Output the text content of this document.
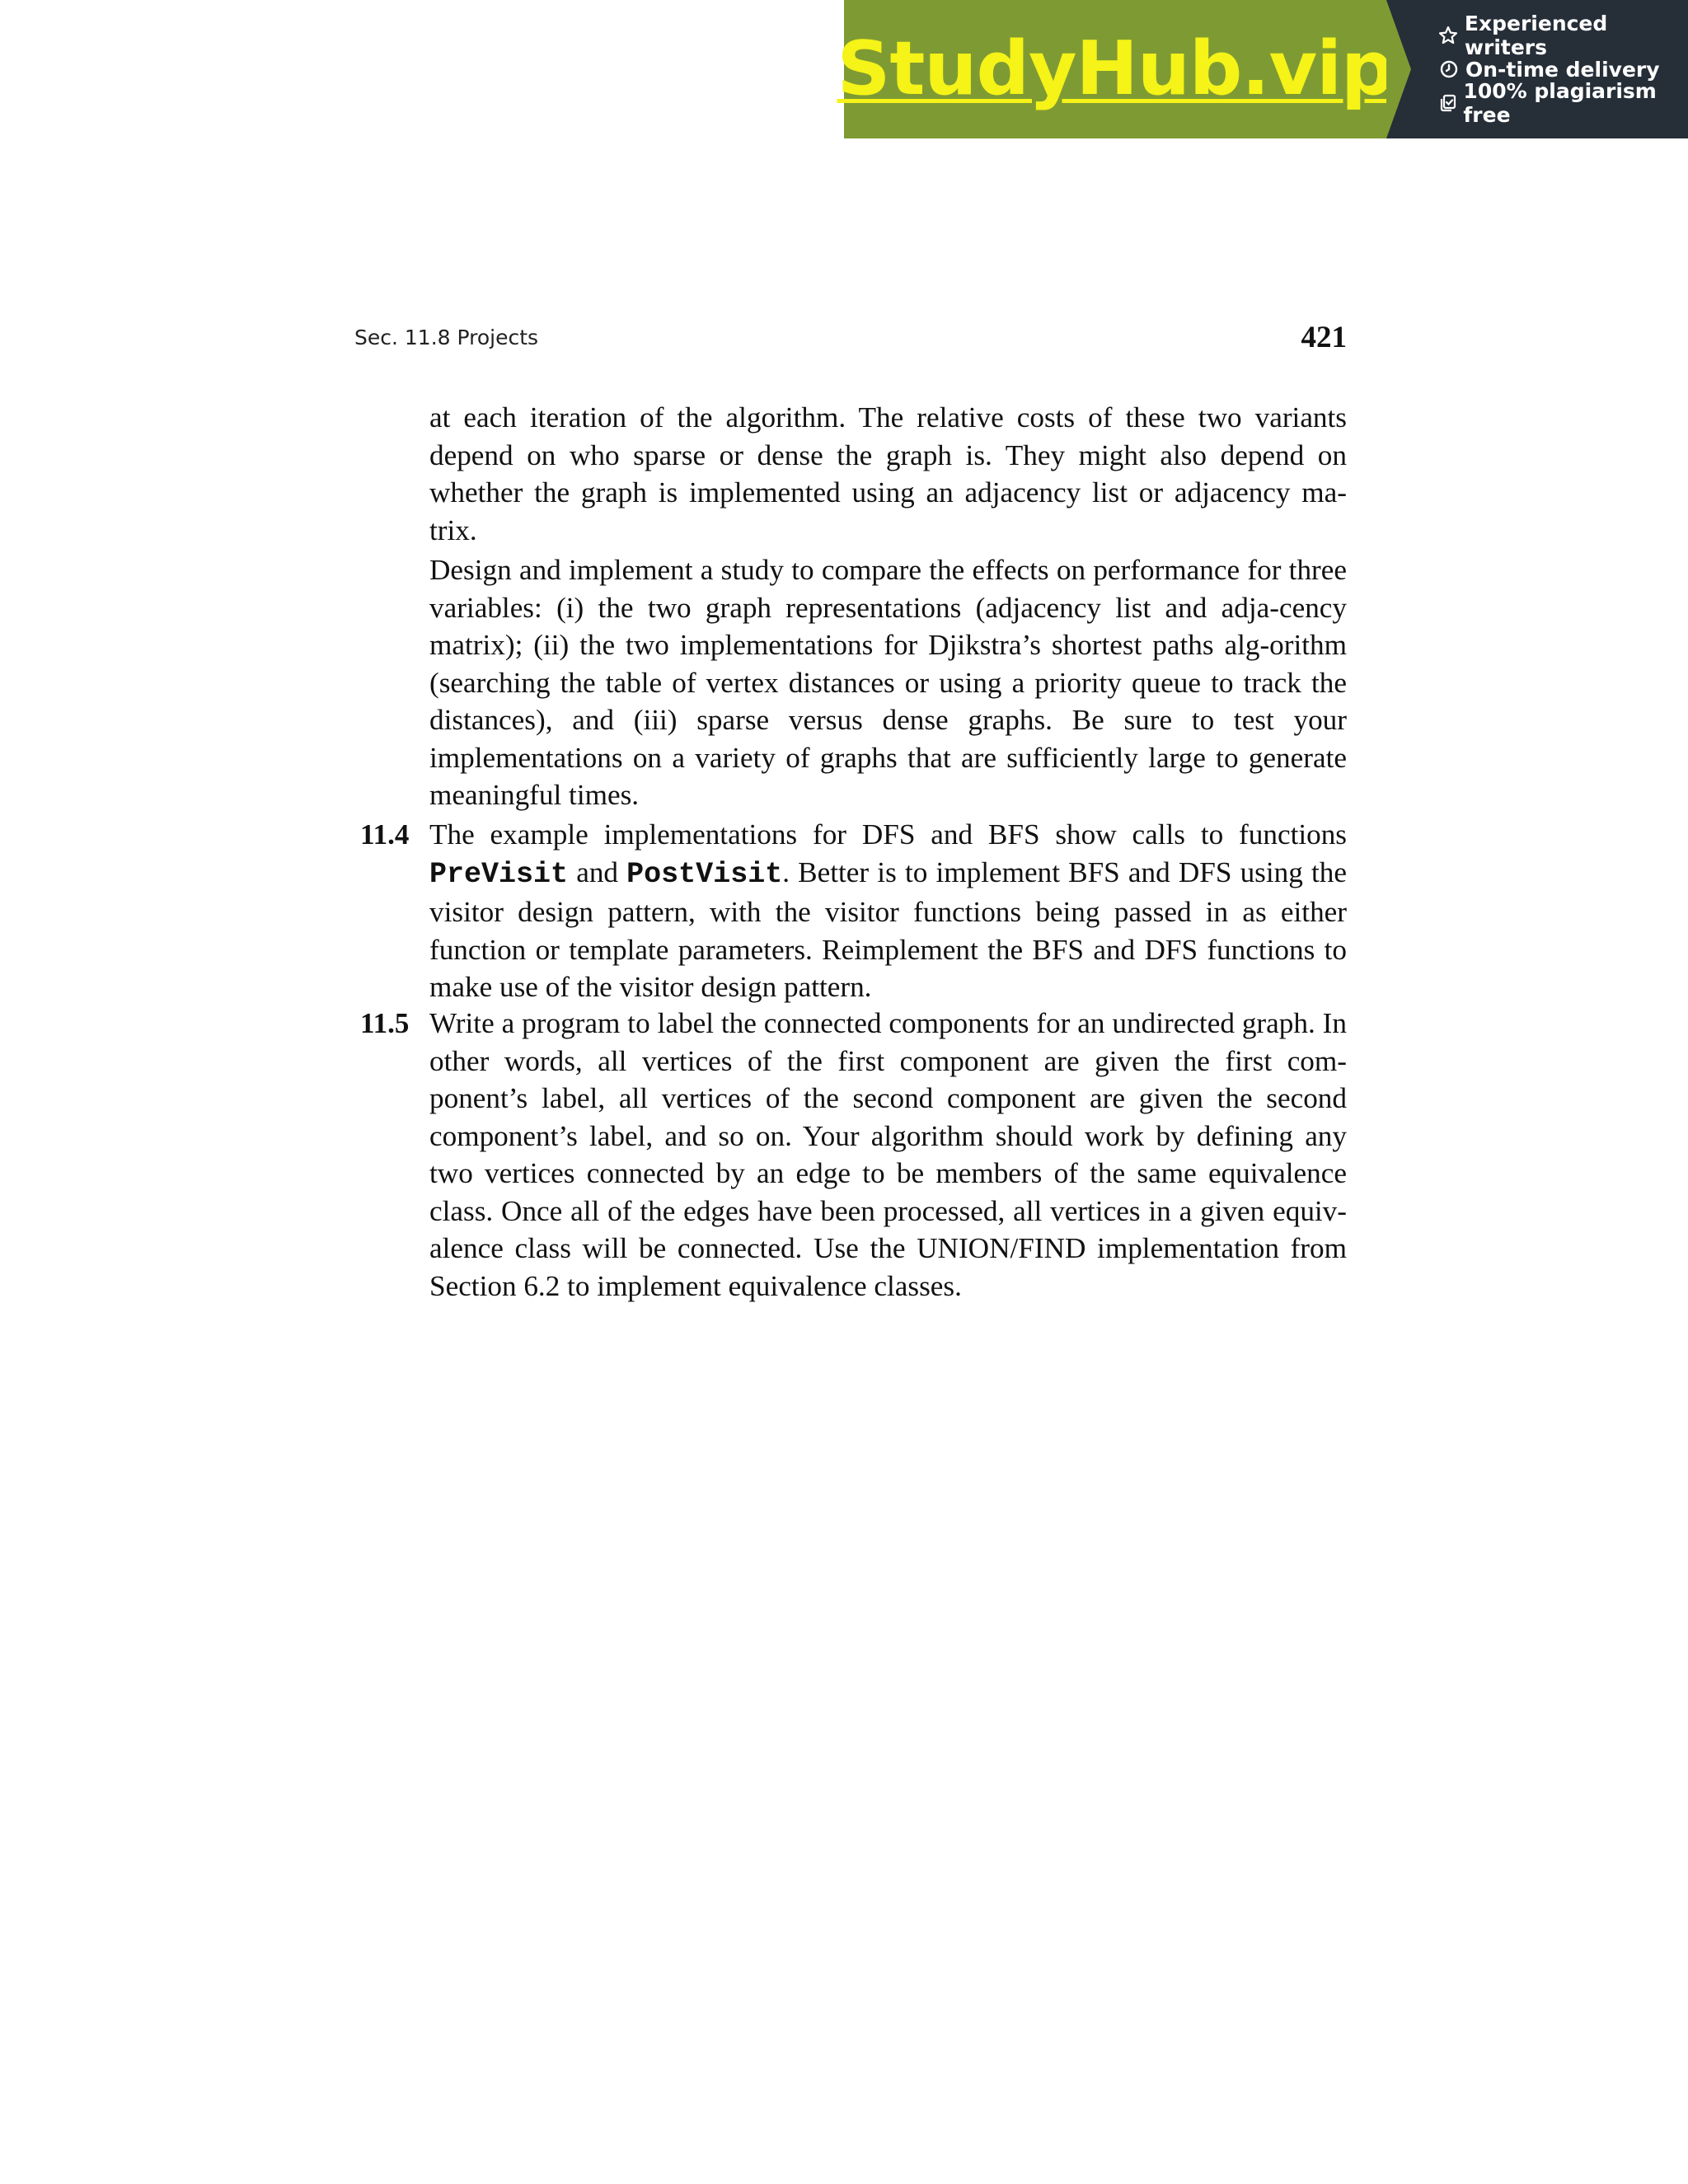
StudyHub.vip
Experienced writers
On-time delivery
100% plagiarism free
Sec. 11.8 Projects	421

at each iteration of the algorithm. The relative costs of these two variants depend on who sparse or dense the graph is. They might also depend on whether the graph is implemented using an adjacency list or adjacency ma-trix.

Design and implement a study to compare the effects on performance for three variables: (i) the two graph representations (adjacency list and adja-cency matrix); (ii) the two implementations for Djikstra’s shortest paths alg-orithm (searching the table of vertex distances or using a priority queue to track the distances), and (iii) sparse versus dense graphs. Be sure to test your implementations on a variety of graphs that are sufficiently large to generate meaningful times.

11.4 The example implementations for DFS and BFS show calls to functions PreVisit and PostVisit. Better is to implement BFS and DFS using the visitor design pattern, with the visitor functions being passed in as either function or template parameters. Reimplement the BFS and DFS functions to make use of the visitor design pattern.

11.5 Write a program to label the connected components for an undirected graph. In other words, all vertices of the first component are given the first com-ponent’s label, all vertices of the second component are given the second component’s label, and so on. Your algorithm should work by defining any two vertices connected by an edge to be members of the same equivalence class. Once all of the edges have been processed, all vertices in a given equiv-alence class will be connected. Use the UNION/FIND implementation from Section 6.2 to implement equivalence classes.
